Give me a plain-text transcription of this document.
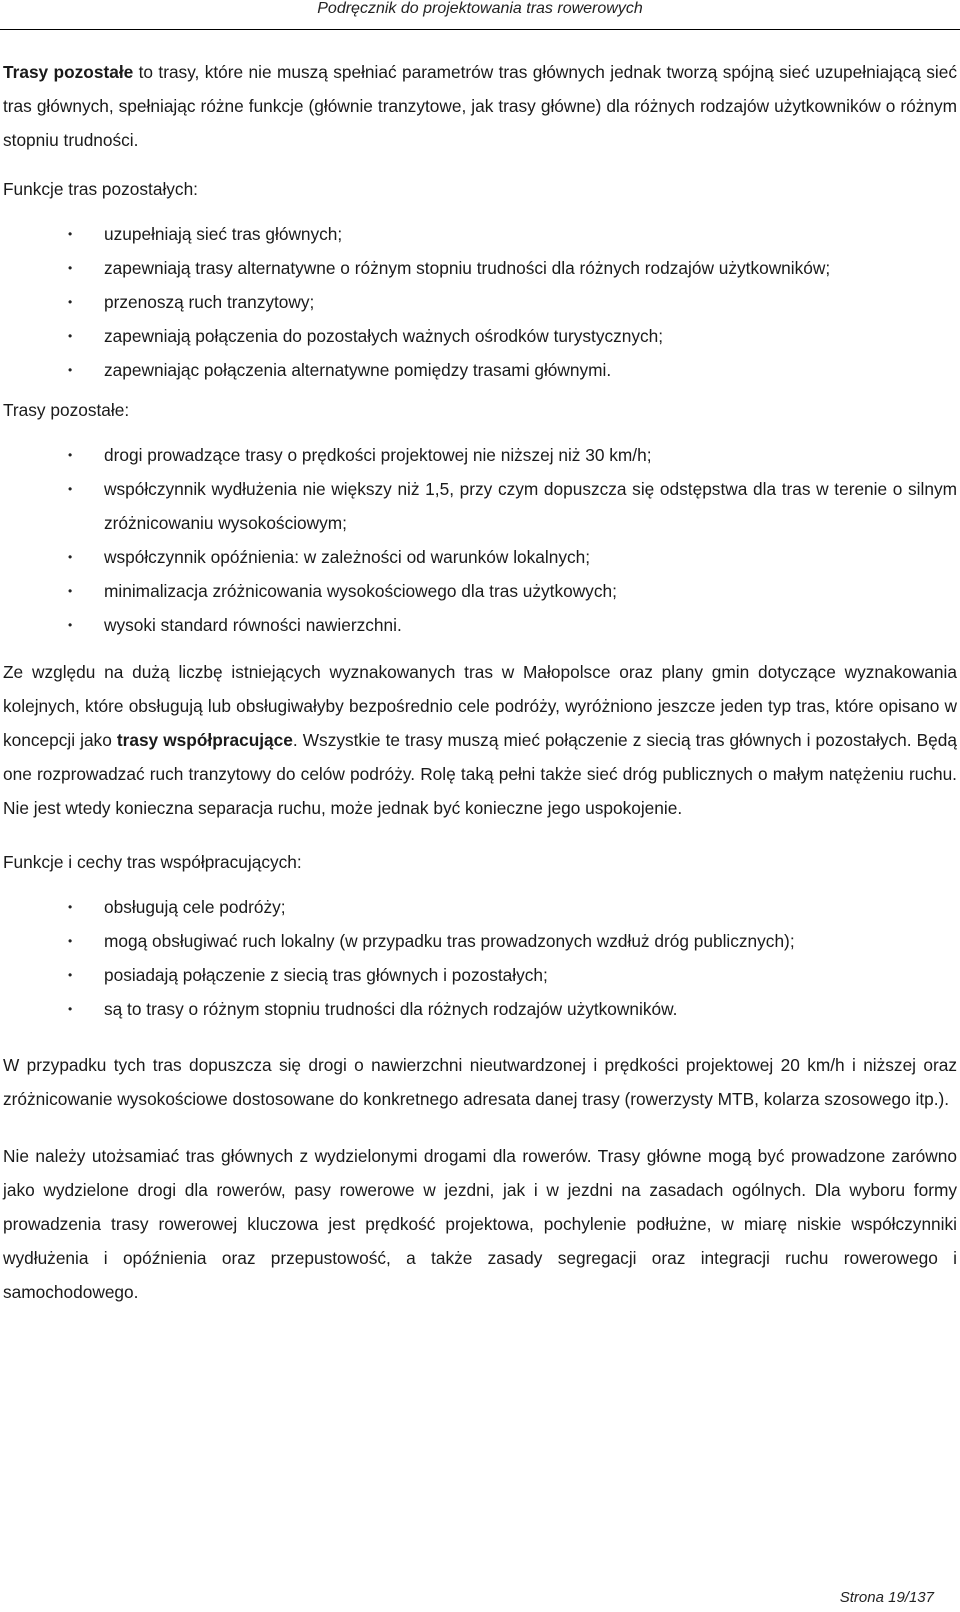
Podręcznik do projektowania tras rowerowych

Trasy pozostałe to trasy, które nie muszą spełniać parametrów tras głównych jednak tworzą spójną sieć uzupełniającą sieć tras głównych, spełniając różne funkcje (głównie tranzytowe, jak trasy główne) dla różnych rodzajów użytkowników o różnym stopniu trudności.

Funkcje tras pozostałych:

• uzupełniają sieć tras głównych;
• zapewniają trasy alternatywne o różnym stopniu trudności dla różnych rodzajów użytkowników;
• przenoszą ruch tranzytowy;
• zapewniają połączenia do pozostałych ważnych ośrodków turystycznych;
• zapewniając połączenia alternatywne pomiędzy trasami głównymi.

Trasy pozostałe:

• drogi prowadzące trasy o prędkości projektowej nie niższej niż 30 km/h;
• współczynnik wydłużenia nie większy niż 1,5, przy czym dopuszcza się odstępstwa dla tras w terenie o silnym zróżnicowaniu wysokościowym;
• współczynnik opóźnienia: w zależności od warunków lokalnych;
• minimalizacja zróżnicowania wysokościowego dla tras użytkowych;
• wysoki standard równości nawierzchni.

Ze względu na dużą liczbę istniejących wyznakowanych tras w Małopolsce oraz plany gmin dotyczące wyznakowania kolejnych, które obsługują lub obsługiwałyby bezpośrednio cele podróży, wyróżniono jeszcze jeden typ tras, które opisano w koncepcji jako trasy współpracujące. Wszystkie te trasy muszą mieć połączenie z siecią tras głównych i pozostałych. Będą one rozprowadzać ruch tranzytowy do celów podróży. Rolę taką pełni także sieć dróg publicznych o małym natężeniu ruchu. Nie jest wtedy konieczna separacja ruchu, może jednak być konieczne jego uspokojenie.

Funkcje i cechy tras współpracujących:

• obsługują cele podróży;
• mogą obsługiwać ruch lokalny (w przypadku tras prowadzonych wzdłuż dróg publicznych);
• posiadają połączenie z siecią tras głównych i pozostałych;
• są to trasy o różnym stopniu trudności dla różnych rodzajów użytkowników.

W przypadku tych tras dopuszcza się drogi o nawierzchni nieutwardzonej i prędkości projektowej 20 km/h i niższej oraz zróżnicowanie wysokościowe dostosowane do konkretnego adresata danej trasy (rowerzysty MTB, kolarza szosowego itp.).

Nie należy utożsamiać tras głównych z wydzielonymi drogami dla rowerów. Trasy główne mogą być prowadzone zarówno jako wydzielone drogi dla rowerów, pasy rowerowe w jezdni, jak i w jezdni na zasadach ogólnych. Dla wyboru formy prowadzenia trasy rowerowej kluczowa jest prędkość projektowa, pochylenie podłużne, w miarę niskie współczynniki wydłużenia i opóźnienia oraz przepustowość, a także zasady segregacji oraz integracji ruchu rowerowego i samochodowego.

Strona 19/137
